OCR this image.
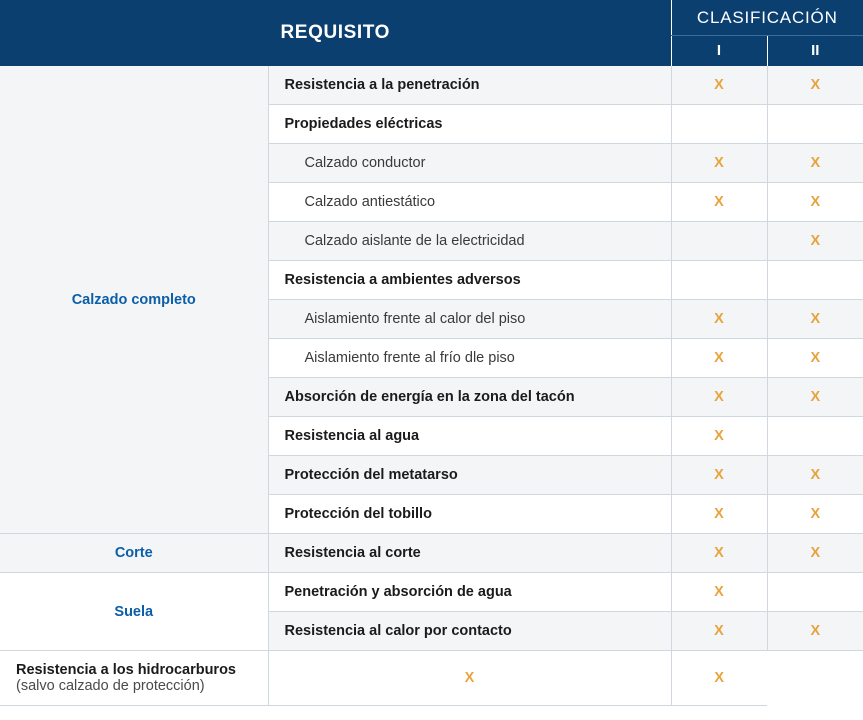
REQUISITO		CLASIFICACIÓN	
		I	II
Calzado completo	Resistencia a la penetración	X	X
	Propiedades eléctricas		
	Calzado conductor	X	X
	Calzado antiestático	X	X
	Calzado aislante de la electricidad		X
	Resistencia a ambientes adversos		
	Aislamiento frente al calor del piso	X	X
	Aislamiento frente al frío dle piso	X	X
	Absorción de energía en la zona del tacón	X	X
	Resistencia al agua	X	
	Protección del metatarso	X	X
	Protección del tobillo	X	X
Corte	Resistencia al corte	X	X
Suela	Penetración y absorción de agua	X	
	Resistencia al calor por contacto	X	X
Resistencia a los hidrocarburos (salvo calzado de protección)	X	X	
